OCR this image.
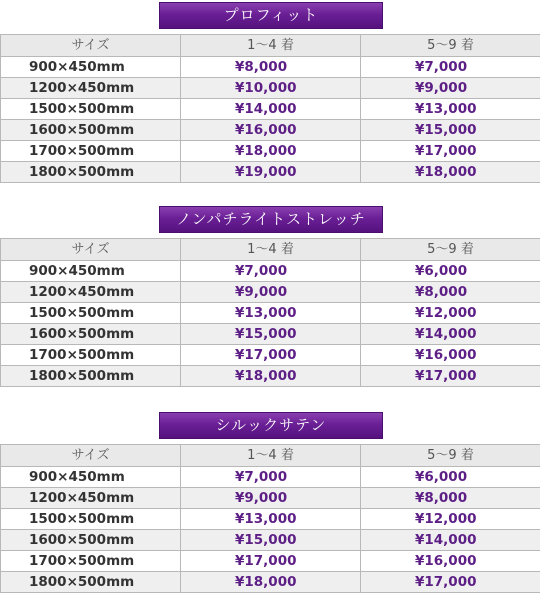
プロフィット
サイズ	1～4 着	5～9 着
900×450mm	¥8,000	¥7,000
1200×450mm	¥10,000	¥9,000
1500×500mm	¥14,000	¥13,000
1600×500mm	¥16,000	¥15,000
1700×500mm	¥18,000	¥17,000
1800×500mm	¥19,000	¥18,000
ノンパチライトストレッチ
サイズ	1～4 着	5～9 着
900×450mm	¥7,000	¥6,000
1200×450mm	¥9,000	¥8,000
1500×500mm	¥13,000	¥12,000
1600×500mm	¥15,000	¥14,000
1700×500mm	¥17,000	¥16,000
1800×500mm	¥18,000	¥17,000
シルックサテン
サイズ	1～4 着	5～9 着
900×450mm	¥7,000	¥6,000
1200×450mm	¥9,000	¥8,000
1500×500mm	¥13,000	¥12,000
1600×500mm	¥15,000	¥14,000
1700×500mm	¥17,000	¥16,000
1800×500mm	¥18,000	¥17,000
